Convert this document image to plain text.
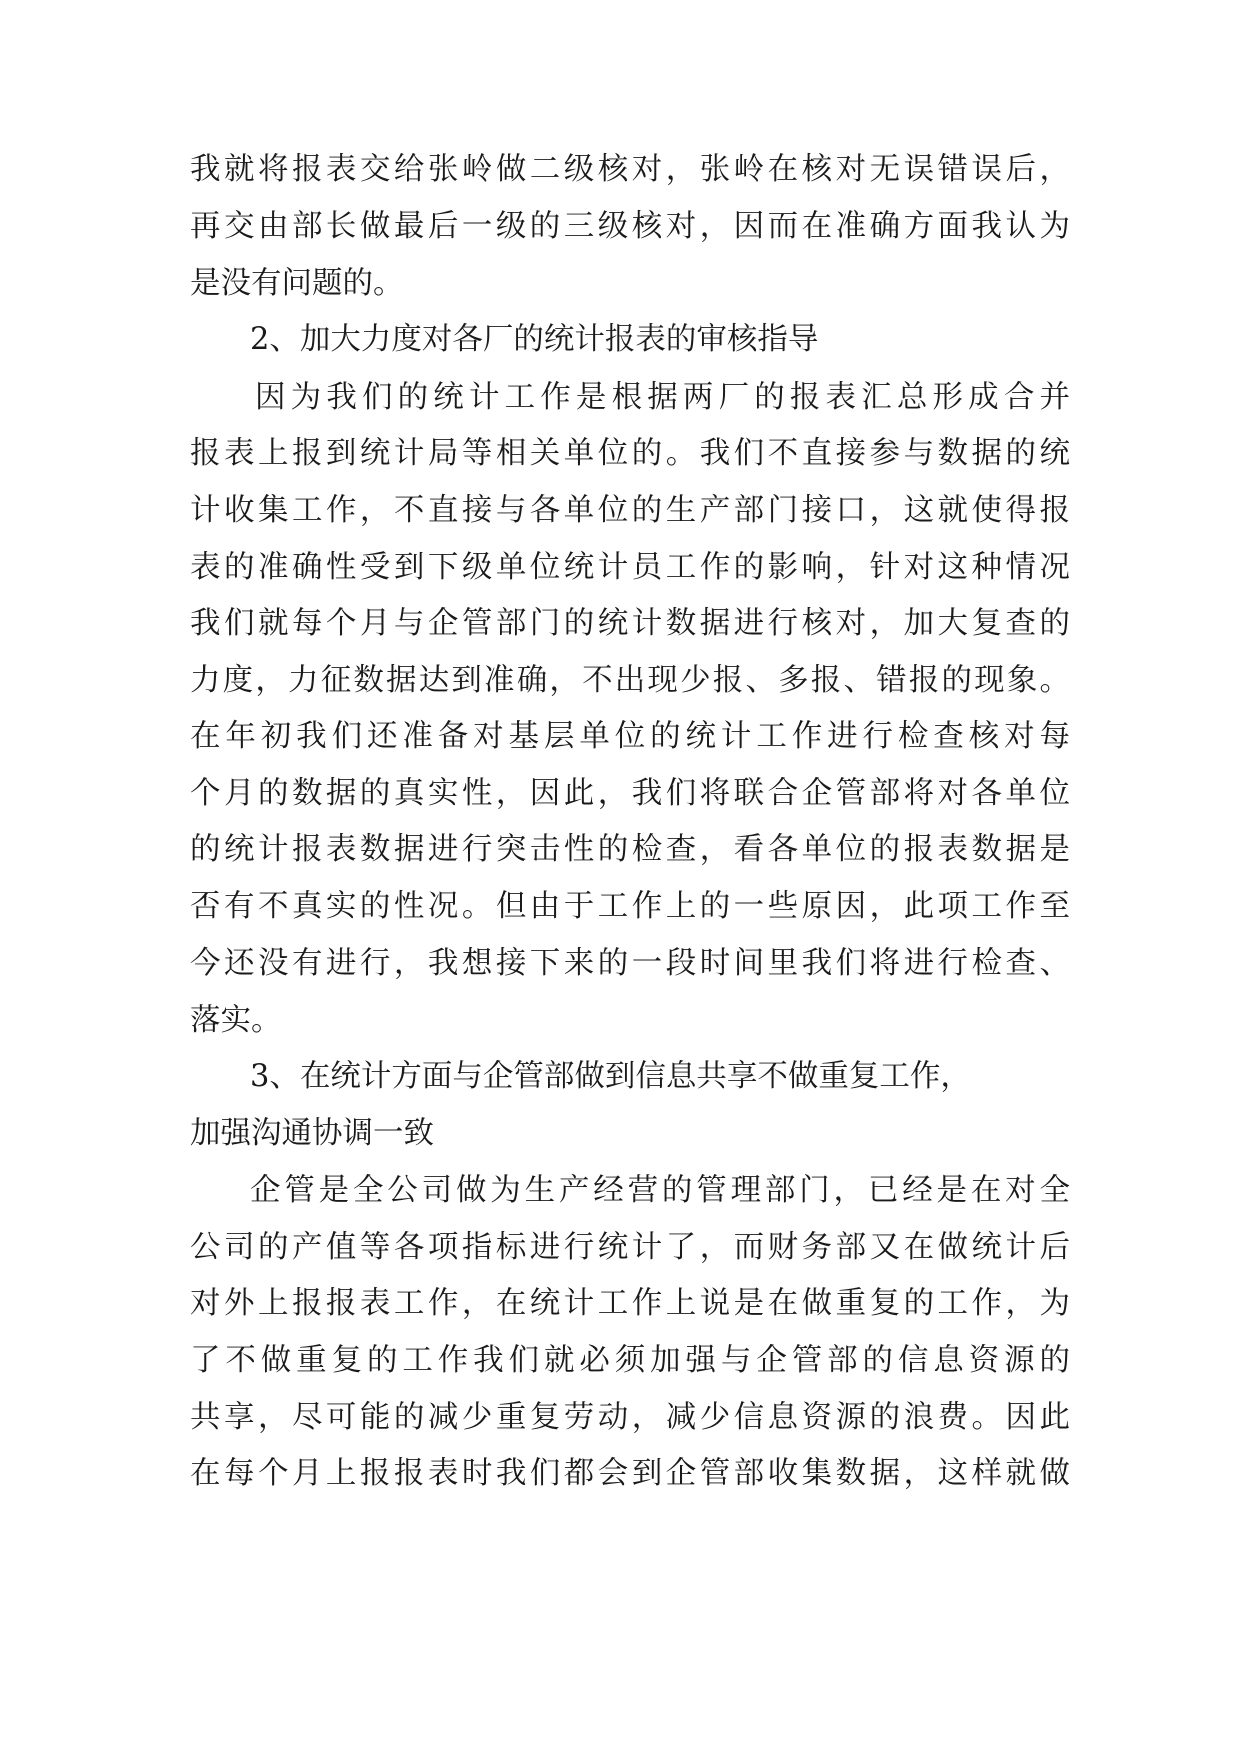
我就将报表交给张岭做二级核对，张岭在核对无误错误后，
再交由部长做最后一级的三级核对，因而在准确方面我认为
是没有问题的。
2、加大力度对各厂的统计报表的审核指导
因为我们的统计工作是根据两厂的报表汇总形成合并
报表上报到统计局等相关单位的。我们不直接参与数据的统
计收集工作，不直接与各单位的生产部门接口，这就使得报
表的准确性受到下级单位统计员工作的影响，针对这种情况
我们就每个月与企管部门的统计数据进行核对，加大复查的
力度，力征数据达到准确，不出现少报、多报、错报的现象。
在年初我们还准备对基层单位的统计工作进行检查核对每
个月的数据的真实性，因此，我们将联合企管部将对各单位
的统计报表数据进行突击性的检查，看各单位的报表数据是
否有不真实的性况。但由于工作上的一些原因，此项工作至
今还没有进行，我想接下来的一段时间里我们将进行检查、
落实。
3、在统计方面与企管部做到信息共享不做重复工作，
加强沟通协调一致
企管是全公司做为生产经营的管理部门，已经是在对全
公司的产值等各项指标进行统计了，而财务部又在做统计后
对外上报报表工作，在统计工作上说是在做重复的工作，为
了不做重复的工作我们就必须加强与企管部的信息资源的
共享，尽可能的减少重复劳动，减少信息资源的浪费。因此
在每个月上报报表时我们都会到企管部收集数据，这样就做
